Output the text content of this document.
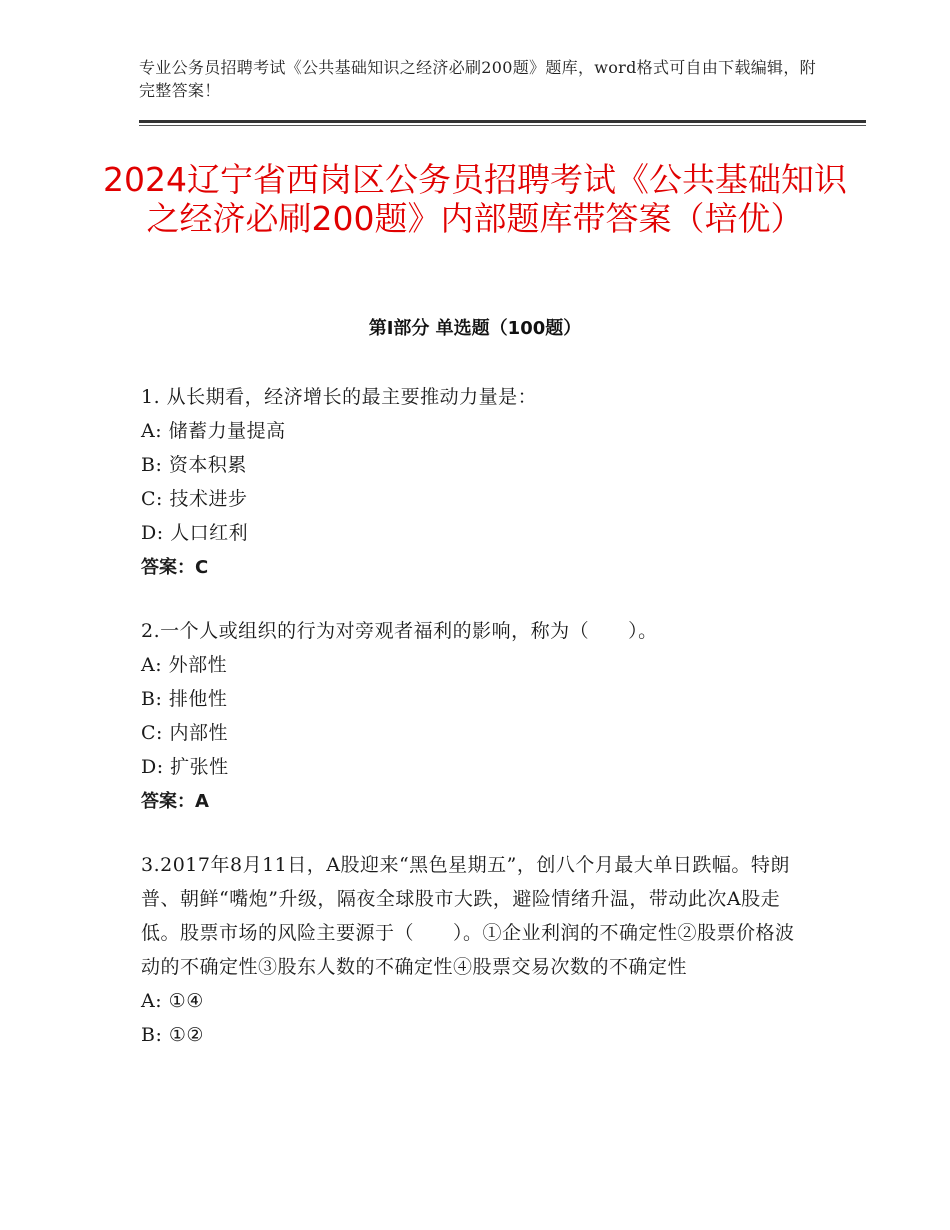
专业公务员招聘考试《公共基础知识之经济必刷200题》题库，word格式可自由下载编辑，附完整答案！
2024辽宁省西岗区公务员招聘考试《公共基础知识之经济必刷200题》内部题库带答案（培优）
第Ⅰ部分 单选题（100题）

1. 从长期看，经济增长的最主要推动力量是：

A: 储蓄力量提高

B: 资本积累

C: 技术进步

D: 人口红利

答案：C

2.一个人或组织的行为对旁观者福利的影响，称为（　　）。

A: 外部性

B: 排他性

C: 内部性

D: 扩张性

答案：A

3.2017年8月11日，A股迎来“黑色星期五”，创八个月最大单日跌幅。特朗普、朝鲜“嘴炮”升级，隔夜全球股市大跌，避险情绪升温，带动此次A股走低。股票市场的风险主要源于（　　）。①企业利润的不确定性②股票价格波动的不确定性③股东人数的不确定性④股票交易次数的不确定性

A: ①④

B: ①②
